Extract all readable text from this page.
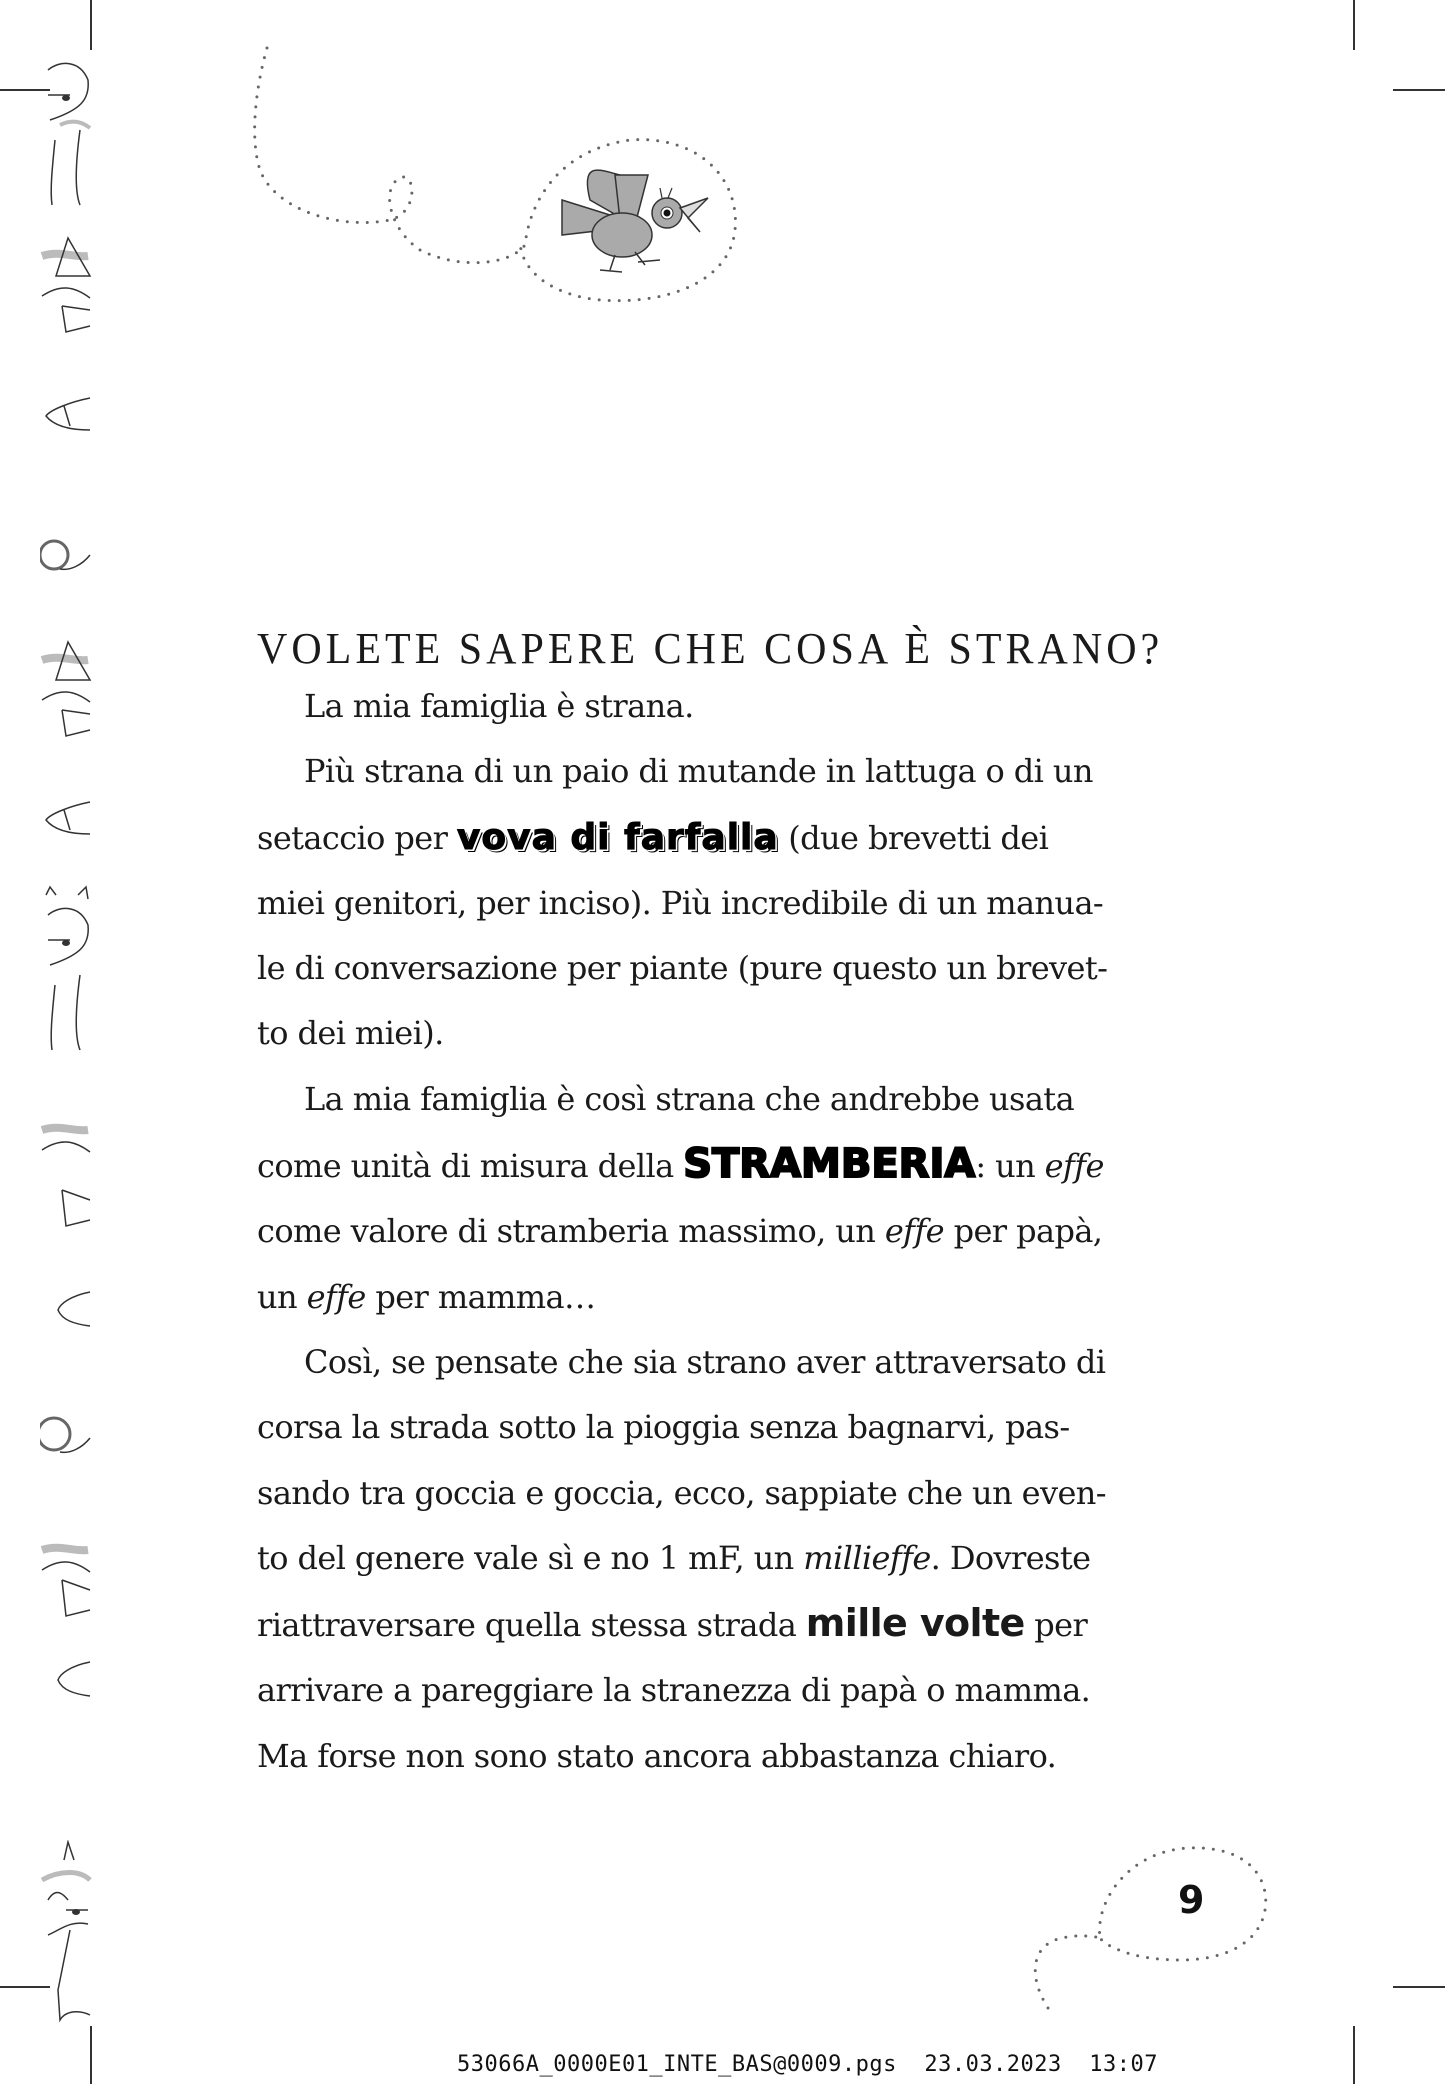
VOLETE SAPERE CHE COSA È STRANO?
La mia famiglia è strana.
Più strana di un paio di mutande in lattuga o di un
setaccio per vova di farfalla (due brevetti dei
miei genitori, per inciso). Più incredibile di un manua-
le di conversazione per piante (pure questo un brevet-
to dei miei).
La mia famiglia è così strana che andrebbe usata
come unità di misura della STRAMBERIA: un effe
come valore di stramberia massimo, un effe per papà,
un effe per mamma…
Così, se pensate che sia strano aver attraversato di
corsa la strada sotto la pioggia senza bagnarvi, pas-
sando tra goccia e goccia, ecco, sappiate che un even-
to del genere vale sì e no 1 mF, un millieffe. Dovreste
riattraversare quella stessa strada mille volte per
arrivare a pareggiare la stranezza di papà o mamma.
Ma forse non sono stato ancora abbastanza chiaro.
9
53066A_0000E01_INTE_BAS@0009.pgs  23.03.2023  13:07
